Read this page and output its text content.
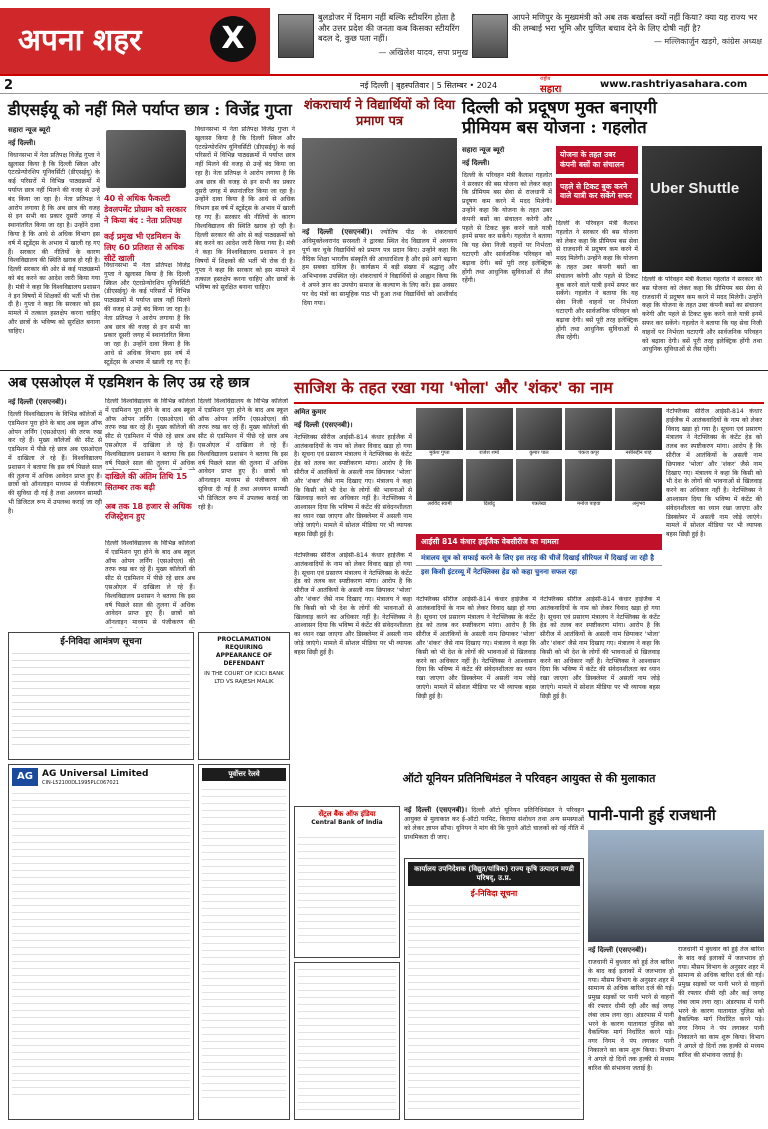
अपना शहर	X
बुलडोजर में दिमाग नहीं बल्कि स्टीयरिंग होता है और उत्तर प्रदेश की जनता कब किसका स्टीयरिंग बदल दे, कुछ पता नहीं।
— अखिलेश यादव, सपा प्रमुख
आपने मणिपुर के मुख्यमंत्री को अब तक बर्खास्त क्यों नहीं किया? क्या यह राज्य भर की लम्बाई भरा भूमि और घुणित बचाव देने के लिए दोषी नहीं है?
— मल्लिकार्जुन खड़गे, कांग्रेस अध्यक्ष
2	नई दिल्ली | बृहस्पतिवार | 5 सितम्बर • 2024
राष्ट्रीय
सहारा	www.rashtriyasahara.com
डीएसईयू को नहीं मिले पर्याप्त छात्र : विजेंद्र गुप्ता
सहारा न्यूज ब्यूरो
नई दिल्ली।
विधानसभा में नेता प्रतिपक्ष विजेंद्र गुप्ता ने खुलासा किया है कि दिल्ली स्किल और एंटरप्रेन्योरशिप यूनिवर्सिटी (डीएसईयू) के कई परिसरों में विभिन्न पाठ्यक्रमों में पर्याप्त छात्र नहीं मिलने की वजह से उन्हें बंद किया जा रहा है। नेता प्रतिपक्ष ने आरोप लगाया है कि अब छात्र की वजह से इन सभी का प्रकार दूसरी जगह में स्थानांतरित किया जा रहा है। उन्होंने दावा किया है कि आधे से अधिक विभाग इस वर्ष में स्टूडेंट्स के अभाव में खाली रह गए हैं। सरकार की नीतियों के कारण विश्वविद्यालय की स्थिति खराब हो रही है। दिल्ली सरकार की ओर से कई पाठ्यक्रमों को बंद करने का आदेश जारी किया गया है। मंत्री ने कहा कि विश्वविद्यालय प्रशासन ने इन विषयों में शिक्षकों की भर्ती भी रोक दी है। गुप्ता ने कहा कि सरकार को इस मामले में तत्काल हस्तक्षेप करना चाहिए और छात्रों के भविष्य को सुरक्षित बनाना चाहिए।
40 से अधिक फैकल्टी डेवलपमेंट प्रोग्राम को सरकार ने किया बंद : नेता प्रतिपक्ष
कई प्रमुख भी एडमिशन के लिए 60 प्रतिशत से अधिक सीटें खाली
विधानसभा में नेता प्रतिपक्ष विजेंद्र गुप्ता ने खुलासा किया है कि दिल्ली स्किल और एंटरप्रेन्योरशिप यूनिवर्सिटी (डीएसईयू) के कई परिसरों में विभिन्न पाठ्यक्रमों में पर्याप्त छात्र नहीं मिलने की वजह से उन्हें बंद किया जा रहा है। नेता प्रतिपक्ष ने आरोप लगाया है कि अब छात्र की वजह से इन सभी का प्रकार दूसरी जगह में स्थानांतरित किया जा रहा है। उन्होंने दावा किया है कि आधे से अधिक विभाग इस वर्ष में स्टूडेंट्स के अभाव में खाली रह गए हैं।
विधानसभा में नेता प्रतिपक्ष विजेंद्र गुप्ता ने खुलासा किया है कि दिल्ली स्किल और एंटरप्रेन्योरशिप यूनिवर्सिटी (डीएसईयू) के कई परिसरों में विभिन्न पाठ्यक्रमों में पर्याप्त छात्र नहीं मिलने की वजह से उन्हें बंद किया जा रहा है। नेता प्रतिपक्ष ने आरोप लगाया है कि अब छात्र की वजह से इन सभी का प्रकार दूसरी जगह में स्थानांतरित किया जा रहा है। उन्होंने दावा किया है कि आधे से अधिक विभाग इस वर्ष में स्टूडेंट्स के अभाव में खाली रह गए हैं। सरकार की नीतियों के कारण विश्वविद्यालय की स्थिति खराब हो रही है। दिल्ली सरकार की ओर से कई पाठ्यक्रमों को बंद करने का आदेश जारी किया गया है। मंत्री ने कहा कि विश्वविद्यालय प्रशासन ने इन विषयों में शिक्षकों की भर्ती भी रोक दी है। गुप्ता ने कहा कि सरकार को इस मामले में तत्काल हस्तक्षेप करना चाहिए और छात्रों के भविष्य को सुरक्षित बनाना चाहिए।
शंकराचार्य ने विद्यार्थियों को दिया प्रमाण पत्र
नई दिल्ली (एसएनबी)। ज्योतिष पीठ के शंकराचार्य अविमुक्तेश्वरानंद सरस्वती ने द्वारका स्थित वेद विद्यालय में अध्ययन पूर्ण कर चुके विद्यार्थियों को प्रमाण पत्र प्रदान किए। उन्होंने कहा कि वैदिक शिक्षा भारतीय संस्कृति की आधारशिला है और इसे आगे बढ़ाना हम सबका दायित्व है। कार्यक्रम में बड़ी संख्या में श्रद्धालु और अभिभावक उपस्थित रहे। शंकराचार्य ने विद्यार्थियों से आह्वान किया कि वे अपने ज्ञान का उपयोग समाज के कल्याण के लिए करें। इस अवसर पर वेद मंत्रों का सामूहिक पाठ भी हुआ तथा विद्यार्थियों को आशीर्वाद दिया गया।
दिल्ली को प्रदूषण मुक्त बनाएगी
प्रीमियम बस योजना : गहलोत
सहारा न्यूज ब्यूरो
नई दिल्ली।
दिल्ली के परिवहन मंत्री कैलाश गहलोत ने सरकार की बस योजना को लेकर कहा कि प्रीमियम बस सेवा से राजधानी में प्रदूषण कम करने में मदद मिलेगी। उन्होंने कहा कि योजना के तहत उबर कंपनी बसों का संचालन करेगी और पहले से टिकट बुक करने वाले यात्री इनमें सफर कर सकेंगे। गहलोत ने बताया कि यह सेवा निजी वाहनों पर निर्भरता घटाएगी और सार्वजनिक परिवहन को बढ़ावा देगी। बसें पूरी तरह इलेक्ट्रिक होंगी तथा आधुनिक सुविधाओं से लैस रहेंगी।
योजना के तहत उबर कंपनी बसों का संचालन
पहले से टिकट बुक करने वाले यात्री कर सकेंगे सफर	Uber Shuttle
दिल्ली के परिवहन मंत्री कैलाश गहलोत ने सरकार की बस योजना को लेकर कहा कि प्रीमियम बस सेवा से राजधानी में प्रदूषण कम करने में मदद मिलेगी। उन्होंने कहा कि योजना के तहत उबर कंपनी बसों का संचालन करेगी और पहले से टिकट बुक करने वाले यात्री इनमें सफर कर सकेंगे। गहलोत ने बताया कि यह सेवा निजी वाहनों पर निर्भरता घटाएगी और सार्वजनिक परिवहन को बढ़ावा देगी। बसें पूरी तरह इलेक्ट्रिक होंगी तथा आधुनिक सुविधाओं से लैस रहेंगी।
दिल्ली के परिवहन मंत्री कैलाश गहलोत ने सरकार की बस योजना को लेकर कहा कि प्रीमियम बस सेवा से राजधानी में प्रदूषण कम करने में मदद मिलेगी। उन्होंने कहा कि योजना के तहत उबर कंपनी बसों का संचालन करेगी और पहले से टिकट बुक करने वाले यात्री इनमें सफर कर सकेंगे। गहलोत ने बताया कि यह सेवा निजी वाहनों पर निर्भरता घटाएगी और सार्वजनिक परिवहन को बढ़ावा देगी। बसें पूरी तरह इलेक्ट्रिक होंगी तथा आधुनिक सुविधाओं से लैस रहेंगी।
अब एसओएल में एडमिशन के लिए उम्र रहे छात्र
नई दिल्ली (एसएनबी)।
दिल्ली विश्वविद्यालय के विभिन्न कॉलेजों में एडमिशन पूरा होने के बाद अब स्कूल ऑफ ओपन लर्निंग (एसओएल) की तरफ रुख कर रहे हैं। मुख्य कॉलेजों की सीट से एडमिशन में पीछे रहे छात्र अब एसओएल में दाखिला ले रहे हैं। विश्वविद्यालय प्रशासन ने बताया कि इस वर्ष पिछले साल की तुलना में अधिक आवेदन प्राप्त हुए हैं। छात्रों को ऑनलाइन माध्यम से पंजीकरण की सुविधा दी गई है तथा अध्ययन सामग्री भी डिजिटल रूप में उपलब्ध कराई जा रही है।
दाखिले की अंतिम तिथि 15 सितम्बर तक बढ़ी
अब तक 18 हजार से अधिक रजिस्ट्रेशन हुए
दिल्ली विश्वविद्यालय के विभिन्न कॉलेजों में एडमिशन पूरा होने के बाद अब स्कूल ऑफ ओपन लर्निंग (एसओएल) की तरफ रुख कर रहे हैं। मुख्य कॉलेजों की सीट से एडमिशन में पीछे रहे छात्र अब एसओएल में दाखिला ले रहे हैं। विश्वविद्यालय प्रशासन ने बताया कि इस वर्ष पिछले साल की तुलना में अधिक
दिल्ली विश्वविद्यालय के विभिन्न कॉलेजों में एडमिशन पूरा होने के बाद अब स्कूल ऑफ ओपन लर्निंग (एसओएल) की तरफ रुख कर रहे हैं। मुख्य कॉलेजों की सीट से एडमिशन में पीछे रहे छात्र अब एसओएल में दाखिला ले रहे हैं। विश्वविद्यालय प्रशासन ने बताया कि इस वर्ष पिछले साल की तुलना में अधिक आवेदन प्राप्त हुए हैं। छात्रों को ऑनलाइन माध्यम से पंजीकरण की
दिल्ली विश्वविद्यालय के विभिन्न कॉलेजों में एडमिशन पूरा होने के बाद अब स्कूल ऑफ ओपन लर्निंग (एसओएल) की तरफ रुख कर रहे हैं। मुख्य कॉलेजों की सीट से एडमिशन में पीछे रहे छात्र अब एसओएल में दाखिला ले रहे हैं। विश्वविद्यालय प्रशासन ने बताया कि इस वर्ष पिछले साल की तुलना में अधिक आवेदन प्राप्त हुए हैं। छात्रों को ऑनलाइन माध्यम से पंजीकरण की सुविधा दी गई है तथा अध्ययन सामग्री भी डिजिटल रूप में उपलब्ध कराई जा रही है।
साजिश के तहत रखा गया 'भोला' और 'शंकर' का नाम
अमित कुमार
नई दिल्ली (एसएनबी)।
नेटफ्लिक्स सीरीज आईसी-814 कंधार हाईजैक में आतंकवादियों के नाम को लेकर विवाद खड़ा हो गया है। सूचना एवं प्रसारण मंत्रालय ने नेटफ्लिक्स के कंटेंट हेड को तलब कर स्पष्टीकरण मांगा। आरोप है कि सीरीज में आतंकियों के असली नाम छिपाकर 'भोला' और 'शंकर' जैसे नाम दिखाए गए। मंत्रालय ने कहा कि किसी को भी देश के लोगों की भावनाओं से खिलवाड़ करने का अधिकार नहीं है। नेटफ्लिक्स ने आश्वासन दिया कि भविष्य में कंटेंट की संवेदनशीलता का ध्यान रखा जाएगा और डिस्क्लेमर में असली नाम जोड़े जाएंगे। मामले में सोशल मीडिया पर भी व्यापक बहस छिड़ी हुई है।
मुकेश गुप्ता	राजेश शर्मा	कुमार पाल	पंकज कपूर	नसीरुद्दीन शाह
अरविंद स्वामी	दिब्येंदु	पत्रलेखा	मनोज पाहवा	अनुभव
आईसी 814 कंधार हाईजैक वेबसीरीज का मामला
मंत्रालय सूत्र को सफाई करने के लिए इस तरह की चीजें दिखाई सीरियल में दिखाई जा रही है
इस किसी इंटरव्यू में नेटफ्लिक्स हेड को कहा चुनना सफल रहा
नेटफ्लिक्स सीरीज आईसी-814 कंधार हाईजैक में आतंकवादियों के नाम को लेकर विवाद खड़ा हो गया है। सूचना एवं प्रसारण मंत्रालय ने नेटफ्लिक्स के कंटेंट हेड को तलब कर स्पष्टीकरण मांगा। आरोप है कि सीरीज में आतंकियों के असली नाम छिपाकर 'भोला' और 'शंकर' जैसे नाम दिखाए गए। मंत्रालय ने कहा कि किसी को भी देश के लोगों की भावनाओं से खिलवाड़ करने का अधिकार नहीं है। नेटफ्लिक्स ने आश्वासन दिया कि भविष्य में कंटेंट की संवेदनशीलता का ध्यान रखा जाएगा और डिस्क्लेमर में असली नाम जोड़े जाएंगे। मामले में सोशल मीडिया पर भी व्यापक बहस छिड़ी हुई है।
नेटफ्लिक्स सीरीज आईसी-814 कंधार हाईजैक में आतंकवादियों के नाम को लेकर विवाद खड़ा हो गया है। सूचना एवं प्रसारण मंत्रालय ने नेटफ्लिक्स के कंटेंट हेड को तलब कर स्पष्टीकरण मांगा। आरोप है कि सीरीज में आतंकियों के असली नाम छिपाकर 'भोला' और 'शंकर' जैसे नाम दिखाए गए। मंत्रालय ने कहा कि किसी को भी देश के लोगों की भावनाओं से खिलवाड़ करने का अधिकार नहीं है। नेटफ्लिक्स ने आश्वासन दिया कि भविष्य में कंटेंट की संवेदनशीलता का ध्यान रखा जाएगा और डिस्क्लेमर में असली नाम जोड़े जाएंगे। मामले में सोशल मीडिया पर भी व्यापक बहस छिड़ी हुई है।
नेटफ्लिक्स सीरीज आईसी-814 कंधार हाईजैक में आतंकवादियों के नाम को लेकर विवाद खड़ा हो गया है। सूचना एवं प्रसारण मंत्रालय ने नेटफ्लिक्स के कंटेंट हेड को तलब कर स्पष्टीकरण मांगा। आरोप है कि सीरीज में आतंकियों के असली नाम छिपाकर 'भोला' और 'शंकर' जैसे नाम दिखाए गए। मंत्रालय ने कहा कि किसी को भी देश के लोगों की भावनाओं से खिलवाड़ करने का अधिकार नहीं है। नेटफ्लिक्स ने आश्वासन दिया कि भविष्य में कंटेंट की संवेदनशीलता का ध्यान रखा जाएगा और डिस्क्लेमर में असली नाम जोड़े जाएंगे। मामले में सोशल मीडिया पर भी व्यापक बहस छिड़ी हुई है।
नेटफ्लिक्स सीरीज आईसी-814 कंधार हाईजैक में आतंकवादियों के नाम को लेकर विवाद खड़ा हो गया है। सूचना एवं प्रसारण मंत्रालय ने नेटफ्लिक्स के कंटेंट हेड को तलब कर स्पष्टीकरण मांगा। आरोप है कि सीरीज में आतंकियों के असली नाम छिपाकर 'भोला' और 'शंकर' जैसे नाम दिखाए गए। मंत्रालय ने कहा कि किसी को भी देश के लोगों की भावनाओं से खिलवाड़ करने का अधिकार नहीं है। नेटफ्लिक्स ने आश्वासन दिया कि भविष्य में कंटेंट की संवेदनशीलता का ध्यान रखा जाएगा और डिस्क्लेमर में असली नाम जोड़े जाएंगे। मामले में सोशल मीडिया पर भी व्यापक बहस छिड़ी हुई है।
ई-निविदा आमंत्रण सूचना	PROCLAMATION REQUIRING APPEARANCE OF DEFENDANT
IN THE COURT OF ICICI BANK LTD VS RAJESH MALIK
AG	AG Universal Limited
CIN-L52100DL1995PLC067021
पूर्वोत्तर रेलवे	ऑटो यूनियन प्रतिनिधिमंडल ने परिवहन आयुक्त से की मुलाकात
सेंट्रल बैंक ऑफ इंडिया
Central Bank of India
नई दिल्ली (एसएनबी)। दिल्ली ऑटो यूनियन प्रतिनिधिमंडल ने परिवहन आयुक्त से मुलाकात कर ई-ऑटो परमिट, किराया संशोधन तथा अन्य समस्याओं को लेकर ज्ञापन सौंपा। यूनियन ने मांग की कि पुराने ऑटो चालकों को नई नीति में प्राथमिकता दी जाए।
पानी-पानी हुई राजधानी
नई दिल्ली (एसएनबी)।
राजधानी में बुधवार को हुई तेज बारिश के बाद कई इलाकों में जलभराव हो गया। मौसम विभाग के अनुसार शहर में सामान्य से अधिक बारिश दर्ज की गई। प्रमुख सड़कों पर पानी भरने से वाहनों की रफ्तार धीमी रही और कई जगह लंबा जाम लगा रहा। अंडरपास में पानी भरने के कारण यातायात पुलिस को वैकल्पिक मार्ग निर्धारित करने पड़े। नगर निगम ने पंप लगाकर पानी निकालने का काम शुरू किया। विभाग ने अगले दो दिनों तक हल्की से मध्यम बारिश की संभावना जताई है।
राजधानी में बुधवार को हुई तेज बारिश के बाद कई इलाकों में जलभराव हो गया। मौसम विभाग के अनुसार शहर में सामान्य से अधिक बारिश दर्ज की गई। प्रमुख सड़कों पर पानी भरने से वाहनों की रफ्तार धीमी रही और कई जगह लंबा जाम लगा रहा। अंडरपास में पानी भरने के कारण यातायात पुलिस को वैकल्पिक मार्ग निर्धारित करने पड़े। नगर निगम ने पंप लगाकर पानी निकालने का काम शुरू किया। विभाग ने अगले दो दिनों तक हल्की से मध्यम बारिश की संभावना जताई है।
कार्यालय उपनिदेशक (विद्युत/यांत्रिक) राज्य कृषि उत्पादन मण्डी परिषद्, उ.प्र.
ई-निविदा सूचना
